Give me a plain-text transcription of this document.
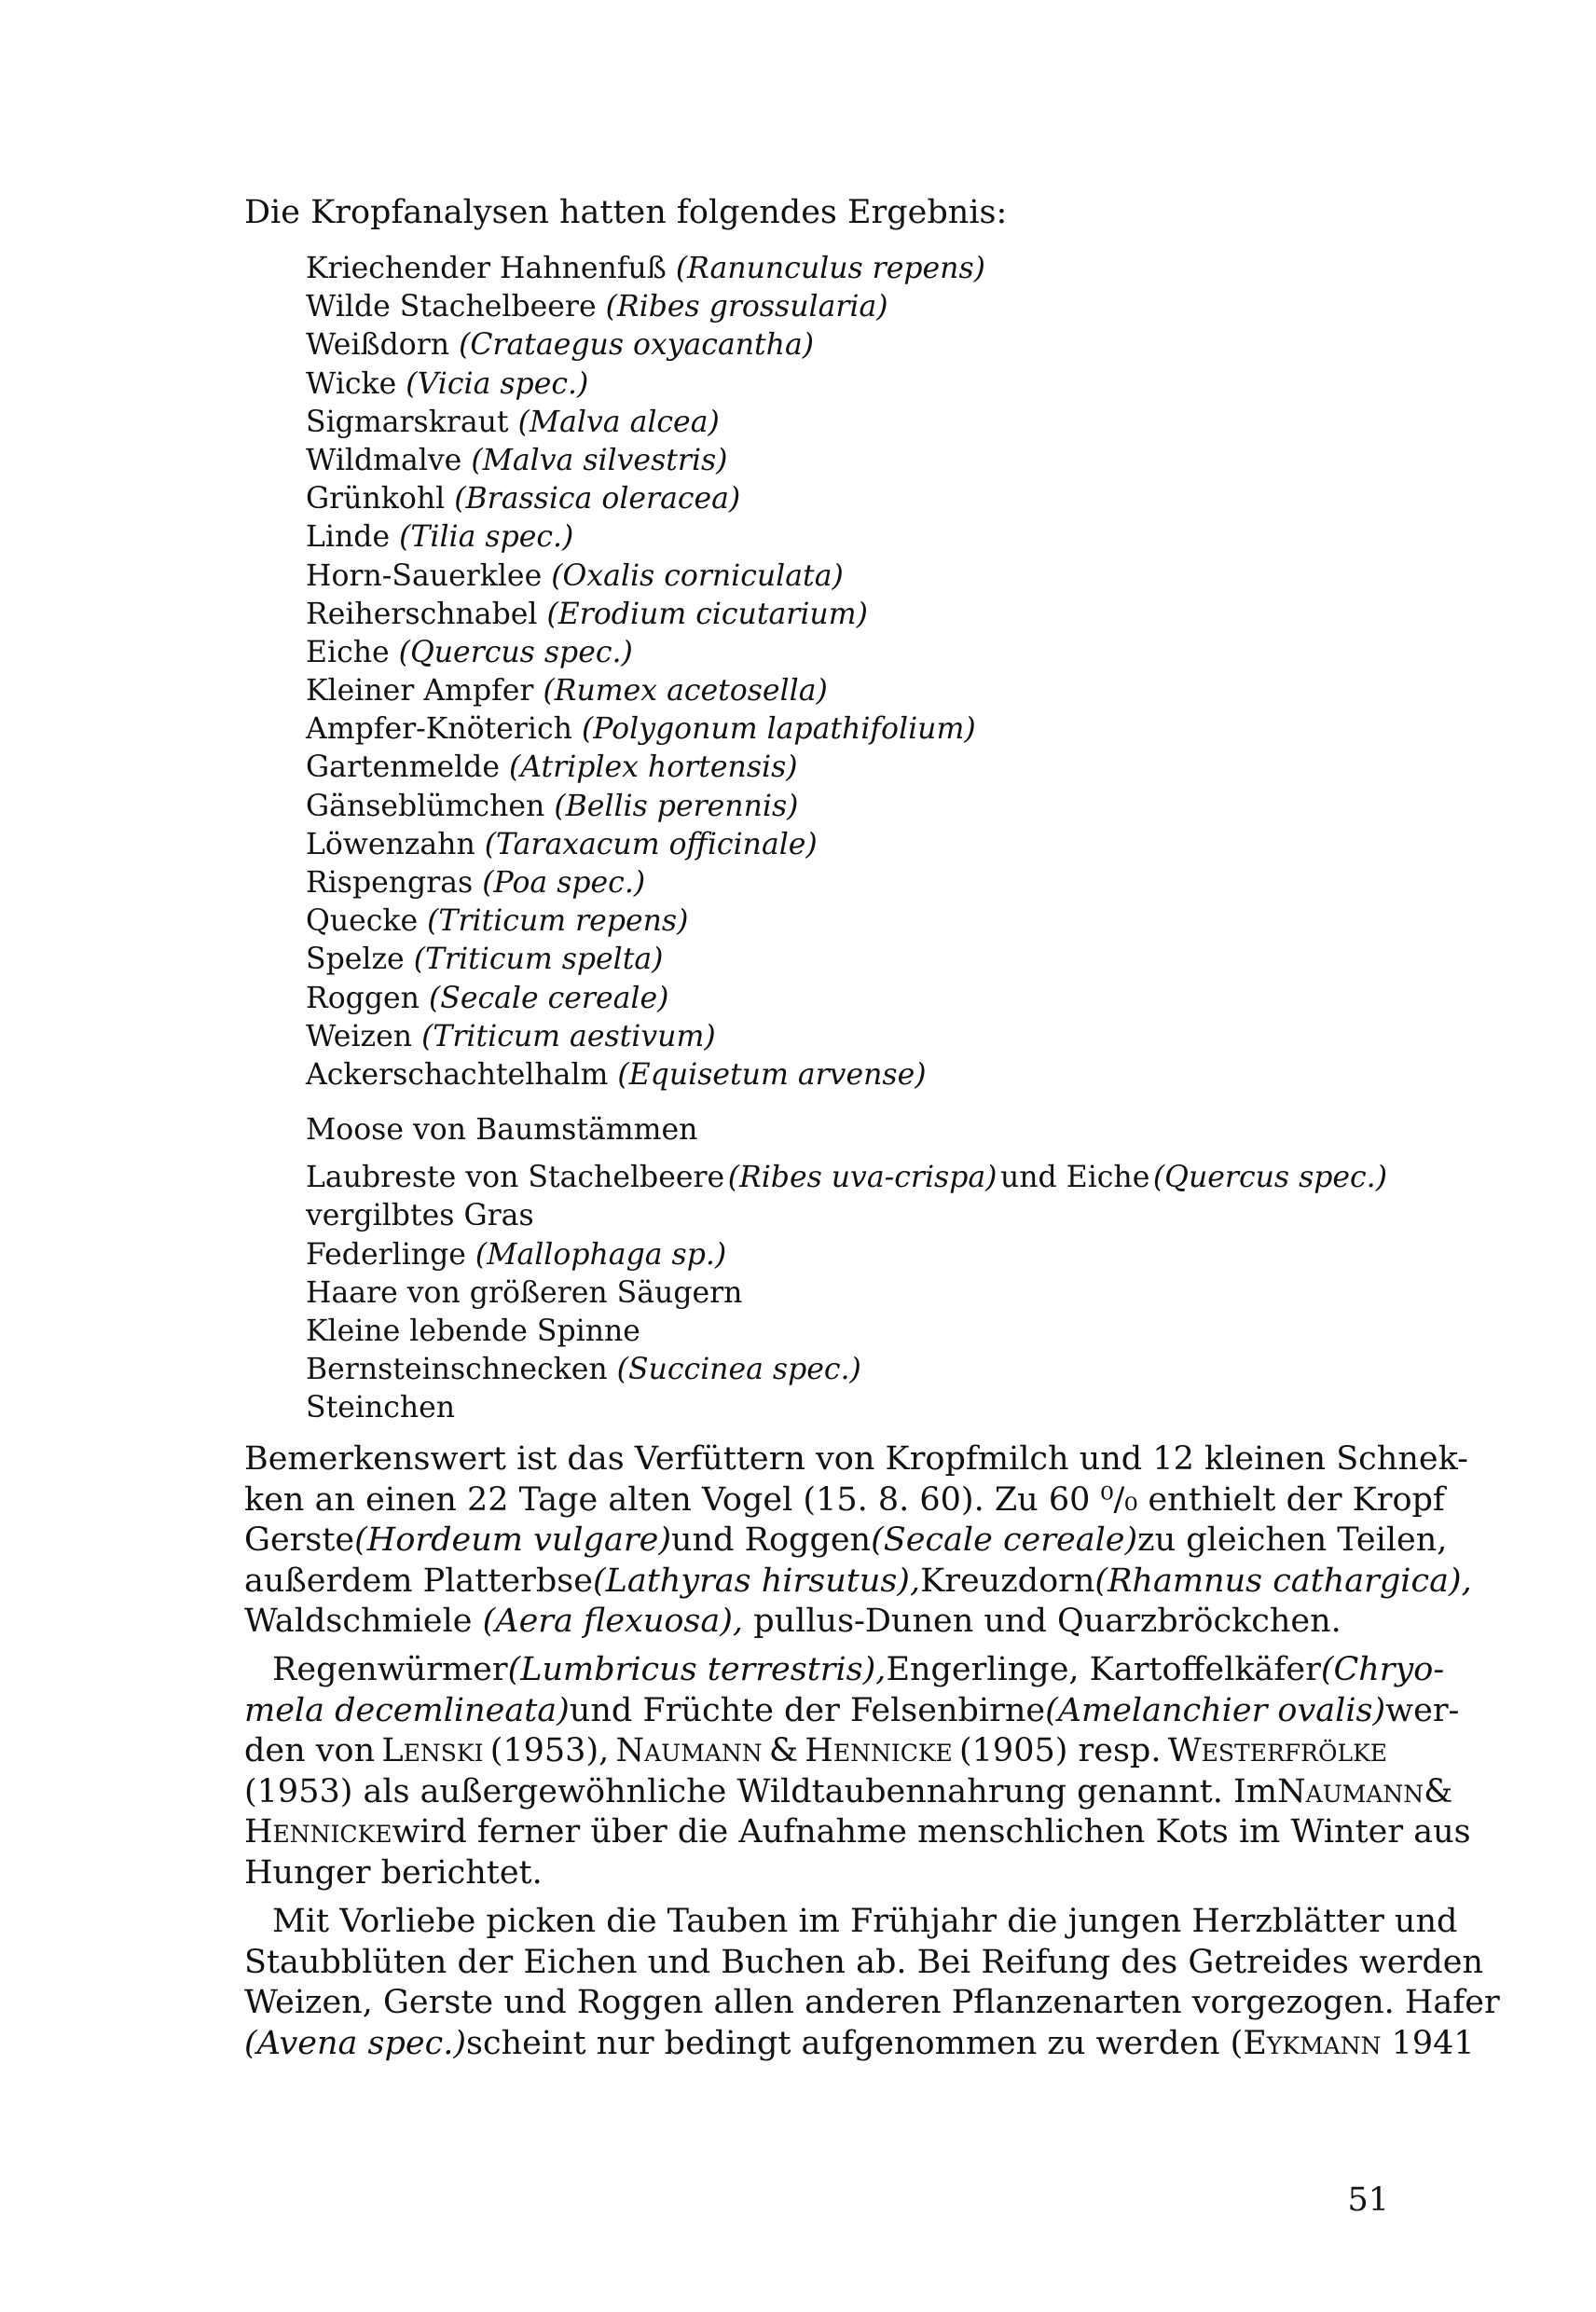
Die Kropfanalysen hatten folgendes Ergebnis:
Kriechender Hahnenfuß (Ranunculus repens)
Wilde Stachelbeere (Ribes grossularia)
Weißdorn (Crataegus oxyacantha)
Wicke (Vicia spec.)
Sigmarskraut (Malva alcea)
Wildmalve (Malva silvestris)
Grünkohl (Brassica oleracea)
Linde (Tilia spec.)
Horn-Sauerklee (Oxalis corniculata)
Reiherschnabel (Erodium cicutarium)
Eiche (Quercus spec.)
Kleiner Ampfer (Rumex acetosella)
Ampfer-Knöterich (Polygonum lapathifolium)
Gartenmelde (Atriplex hortensis)
Gänseblümchen (Bellis perennis)
Löwenzahn (Taraxacum officinale)
Rispengras (Poa spec.)
Quecke (Triticum repens)
Spelze (Triticum spelta)
Roggen (Secale cereale)
Weizen (Triticum aestivum)
Ackerschachtelhalm (Equisetum arvense)
Moose von Baumstämmen
Laubreste von Stachelbeere (Ribes uva-crispa) und Eiche (Quercus spec.)
vergilbtes Gras
Federlinge (Mallophaga sp.)
Haare von größeren Säugern
Kleine lebende Spinne
Bernsteinschnecken (Succinea spec.)
Steinchen
Bemerkenswert ist das Verfüttern von Kropfmilch und 12 kleinen Schnek-
ken an einen 22 Tage alten Vogel (15. 8. 60). Zu 60 ⁰/₀ enthielt der Kropf
Gerste (Hordeum vulgare) und Roggen (Secale cereale) zu gleichen Teilen,
außerdem Platterbse (Lathyras hirsutus), Kreuzdorn (Rhamnus cathargica),
Waldschmiele
(Aera flexuosa),
pullus-Dunen und Quarzbröckchen.
Regenwürmer (Lumbricus terrestris), Engerlinge, Kartoffelkäfer (Chryo-
mela decemlineata) und Früchte der Felsenbirne (Amelanchier ovalis) wer-
den von Lenski (1953), Naumann & Hennicke (1905) resp. Westerfrölke
(1953) als außergewöhnliche Wildtaubennahrung genannt. Im Naumann &
Hennicke wird ferner über die Aufnahme menschlichen Kots im Winter aus
Hunger berichtet.
Mit Vorliebe picken die Tauben im Frühjahr die jungen Herzblätter und
Staubblüten der Eichen und Buchen ab. Bei Reifung des Getreides werden
Weizen, Gerste und Roggen allen anderen Pflanzenarten vorgezogen. Hafer
(Avena spec.) scheint nur bedingt aufgenommen zu werden (Eykmann 1941
51
